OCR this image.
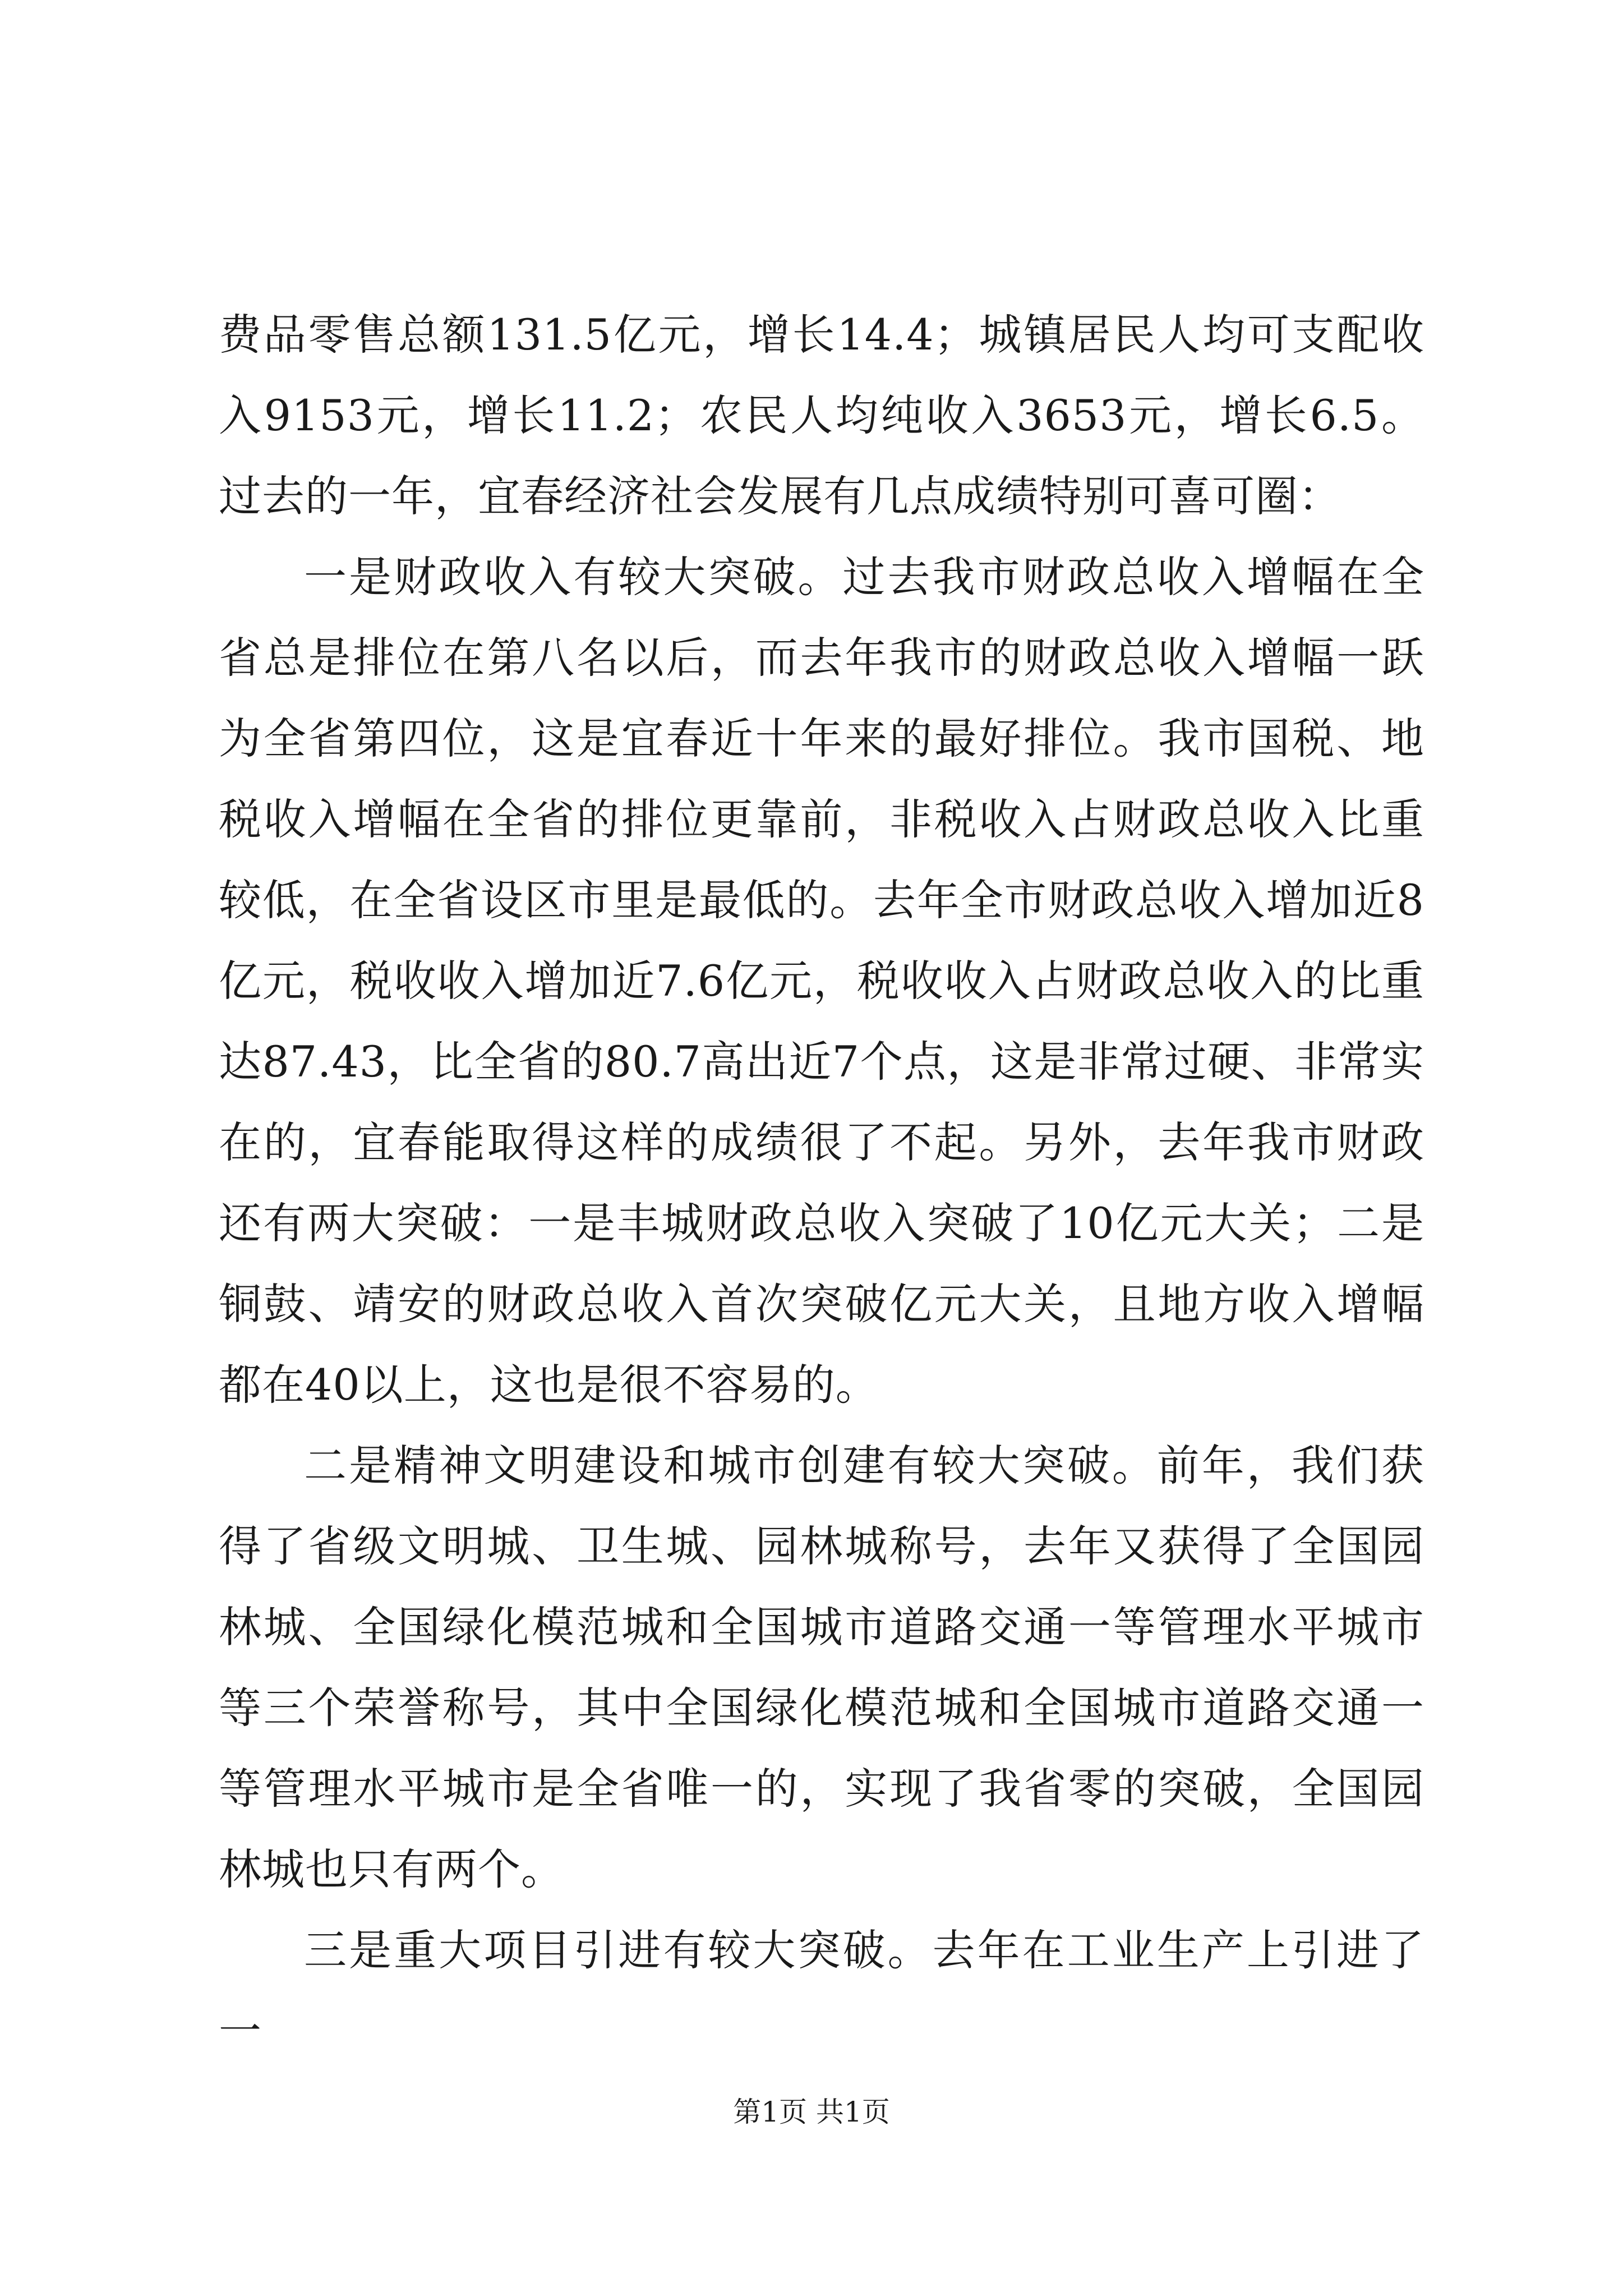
费品零售总额131.5亿元，增长14.4；城镇居民人均可支配收入9153元，增长11.2；农民人均纯收入3653元，增长6.5。过去的一年，宜春经济社会发展有几点成绩特别可喜可圈：

一是财政收入有较大突破。过去我市财政总收入增幅在全省总是排位在第八名以后，而去年我市的财政总收入增幅一跃为全省第四位，这是宜春近十年来的最好排位。我市国税、地税收入增幅在全省的排位更靠前，非税收入占财政总收入比重较低，在全省设区市里是最低的。去年全市财政总收入增加近8亿元，税收收入增加近7.6亿元，税收收入占财政总收入的比重达87.43，比全省的80.7高出近7个点，这是非常过硬、非常实在的，宜春能取得这样的成绩很了不起。另外，去年我市财政还有两大突破：一是丰城财政总收入突破了10亿元大关；二是铜鼓、靖安的财政总收入首次突破亿元大关，且地方收入增幅都在40以上，这也是很不容易的。

二是精神文明建设和城市创建有较大突破。前年，我们获得了省级文明城、卫生城、园林城称号，去年又获得了全国园林城、全国绿化模范城和全国城市道路交通一等管理水平城市等三个荣誉称号，其中全国绿化模范城和全国城市道路交通一等管理水平城市是全省唯一的，实现了我省零的突破，全国园林城也只有两个。

三是重大项目引进有较大突破。去年在工业生产上引进了一

第1页 共1页
